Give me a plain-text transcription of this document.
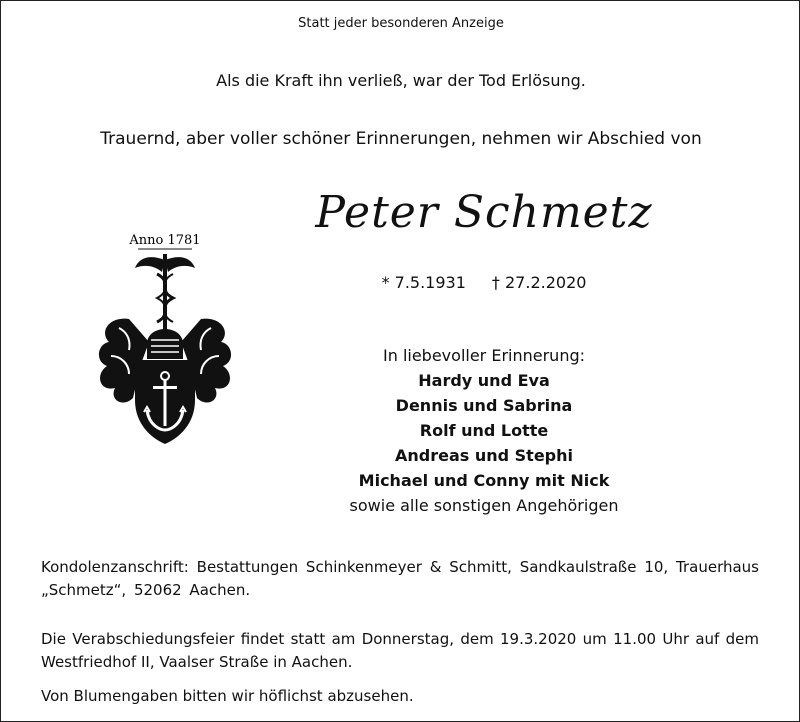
Statt jeder besonderen Anzeige
Als die Kraft ihn verließ, war der Tod Erlösung.
Trauernd, aber voller schöner Erinnerungen, nehmen wir Abschied von
Anno 1781
Peter Schmetz
* 7.5.1931 † 27.2.2020
In liebevoller Erinnerung:
Hardy und Eva
Dennis und Sabrina
Rolf und Lotte
Andreas und Stephi
Michael und Conny mit Nick
sowie alle sonstigen Angehörigen
Kondolenzanschrift: Bestattungen Schinkenmeyer & Schmitt, Sandkaulstraße 10, Trauerhaus „Schmetz“, 52062 Aachen.
Die Verabschiedungsfeier findet statt am Donnerstag, dem 19.3.2020 um 11.00 Uhr auf dem Westfriedhof II, Vaalser Straße in Aachen.
Von Blumengaben bitten wir höflichst abzusehen.
